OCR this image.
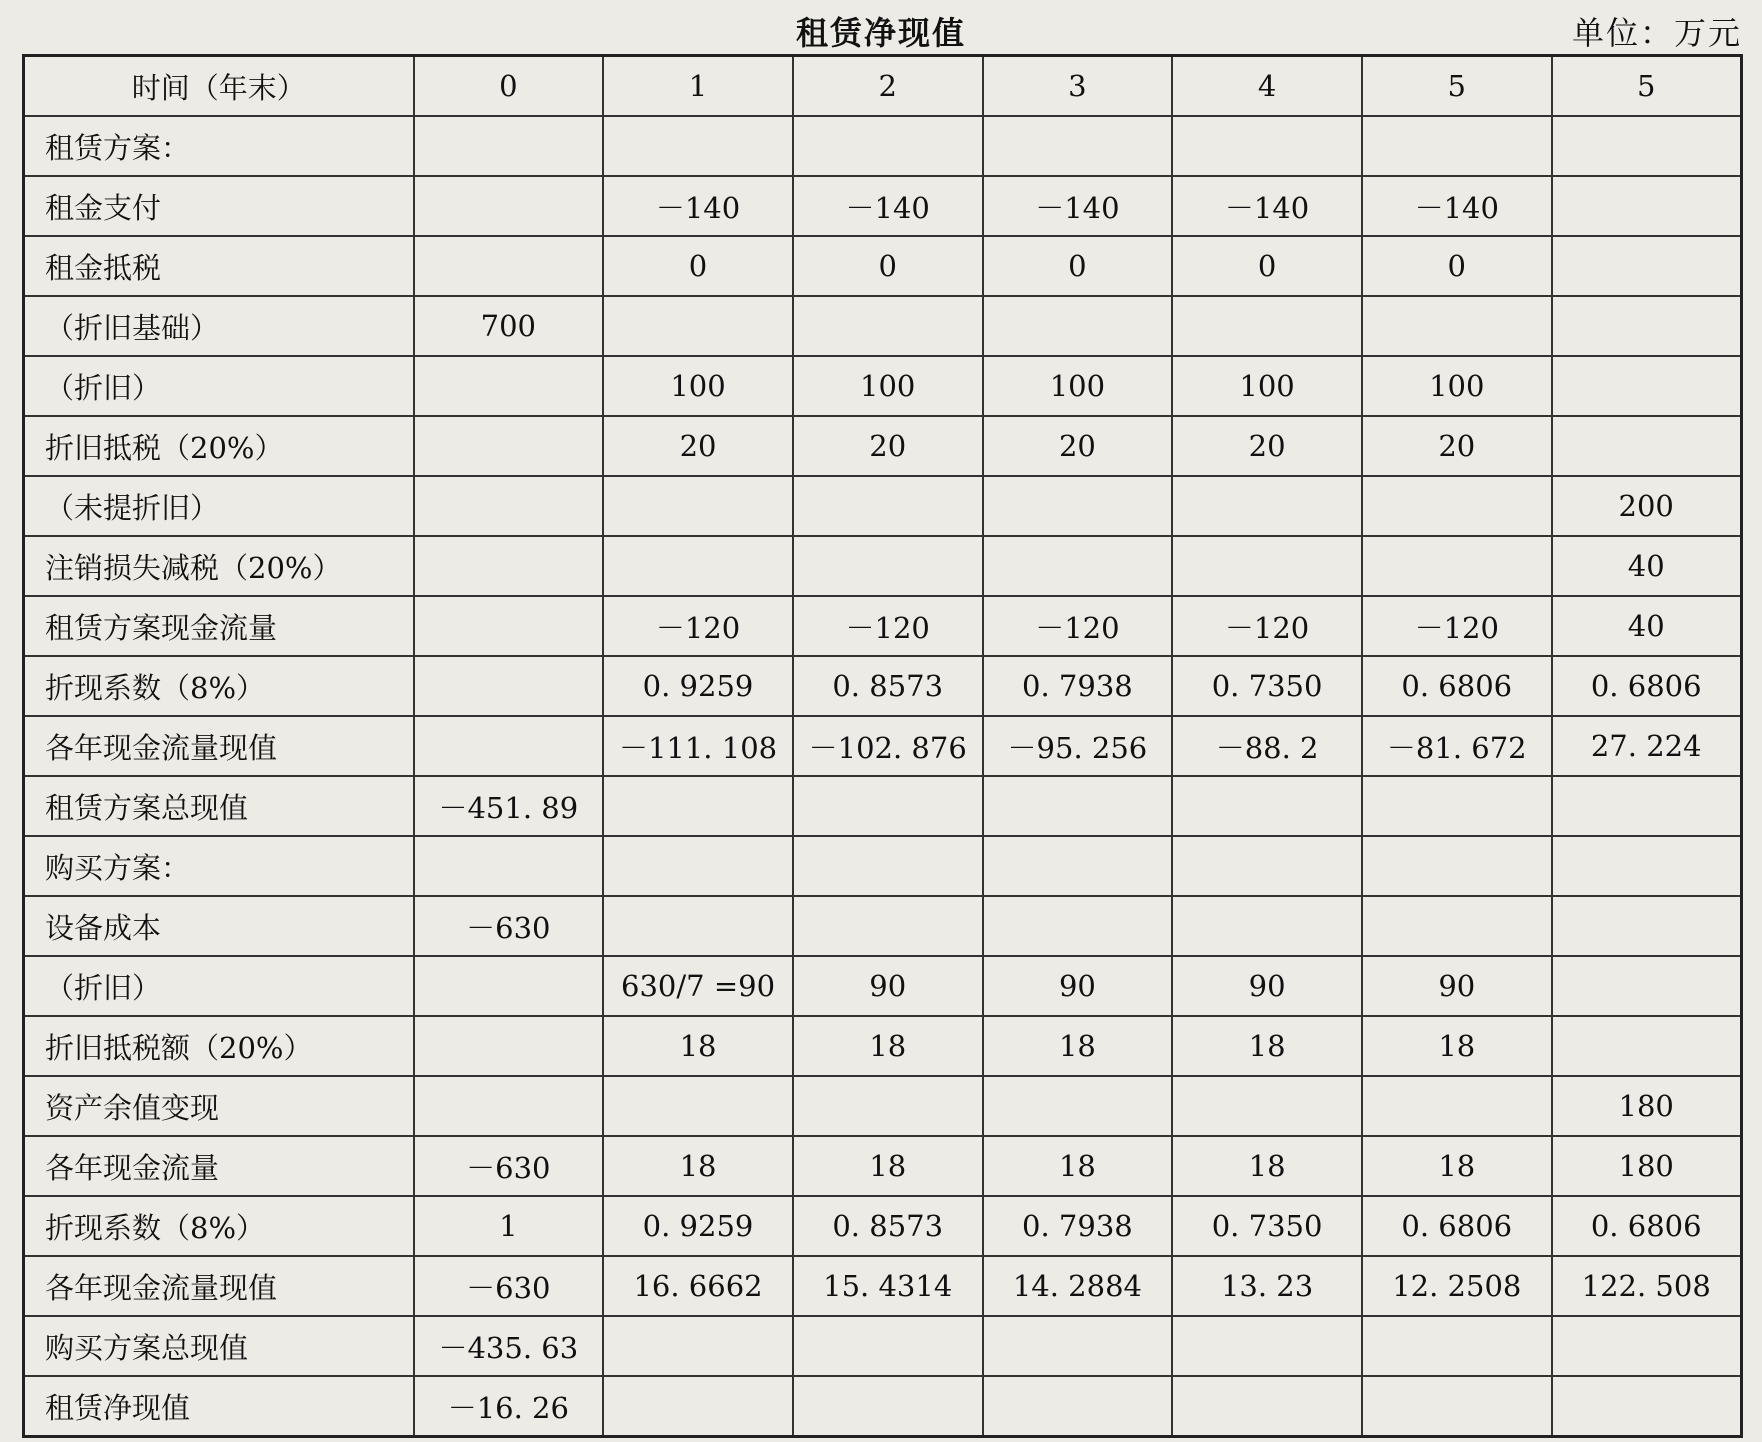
租赁净现值	单位：万元
时间（年末）	0	1	2	3	4	5	5
租赁方案：							
租金支付		－140	－140	－140	－140	－140	
租金抵税		0	0	0	0	0	
（折旧基础）	700						
（折旧）		100	100	100	100	100	
折旧抵税（20%）		20	20	20	20	20	
（未提折旧）							200
注销损失减税（20%）							40
租赁方案现金流量		－120	－120	－120	－120	－120	40
折现系数（8%）		0. 9259	0. 8573	0. 7938	0. 7350	0. 6806	0. 6806
各年现金流量现值		－111. 108	－102. 876	－95. 256	－88. 2	－81. 672	27. 224
租赁方案总现值	－451. 89						
购买方案：							
设备成本	－630						
（折旧）		630/7 =90	90	90	90	90	
折旧抵税额（20%）		18	18	18	18	18	
资产余值变现							180
各年现金流量	－630	18	18	18	18	18	180
折现系数（8%）	1	0. 9259	0. 8573	0. 7938	0. 7350	0. 6806	0. 6806
各年现金流量现值	－630	16. 6662	15. 4314	14. 2884	13. 23	12. 2508	122. 508
购买方案总现值	－435. 63						
租赁净现值	－16. 26						
